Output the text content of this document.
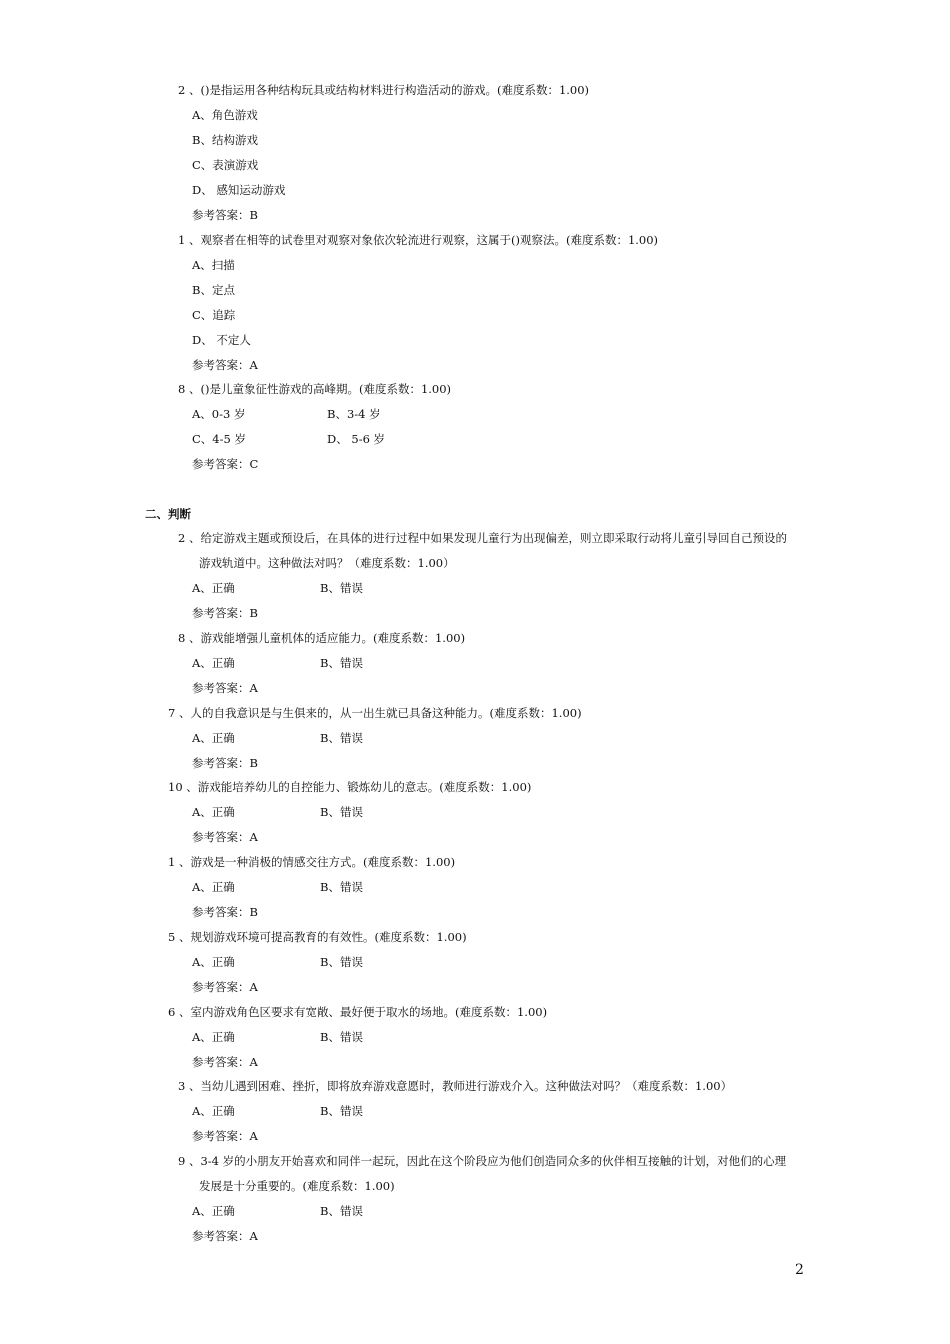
2 、()是指运用各种结构玩具或结构材料进行构造活动的游戏。(难度系数：1.00)
A、角色游戏
B、结构游戏
C、表演游戏
D、 感知运动游戏
参考答案：B
1 、观察者在相等的试卷里对观察对象依次轮流进行观察，这属于()观察法。(难度系数：1.00)
A、扫描
B、定点
C、追踪
D、 不定人
参考答案：A
8 、()是儿童象征性游戏的高峰期。(难度系数：1.00)
A、0-3 岁	B、3-4 岁
C、4-5 岁	D、 5-6 岁
参考答案：C
二、判断
2 、给定游戏主题或预设后，在具体的进行过程中如果发现儿童行为出现偏差，则立即采取行动将儿童引导回自己预设的
游戏轨道中。这种做法对吗？（难度系数：1.00）
A、正确	B、错误
参考答案：B
8 、游戏能增强儿童机体的适应能力。(难度系数：1.00)
A、正确	B、错误
参考答案：A
7 、人的自我意识是与生俱来的，从一出生就已具备这种能力。(难度系数：1.00)
A、正确	B、错误
参考答案：B
10 、游戏能培养幼儿的自控能力、锻炼幼儿的意志。(难度系数：1.00)
A、正确	B、错误
参考答案：A
1 、游戏是一种消极的情感交往方式。(难度系数：1.00)
A、正确	B、错误
参考答案：B
5 、规划游戏环境可提高教育的有效性。(难度系数：1.00)
A、正确	B、错误
参考答案：A
6 、室内游戏角色区要求有宽敞、最好便于取水的场地。(难度系数：1.00)
A、正确	B、错误
参考答案：A
3 、当幼儿遇到困难、挫折，即将放弃游戏意愿时，教师进行游戏介入。这种做法对吗？（难度系数：1.00）
A、正确	B、错误
参考答案：A
9 、3-4 岁的小朋友开始喜欢和同伴一起玩，因此在这个阶段应为他们创造同众多的伙伴相互接触的计划，对他们的心理
发展是十分重要的。(难度系数：1.00)
A、正确	B、错误
参考答案：A
2
